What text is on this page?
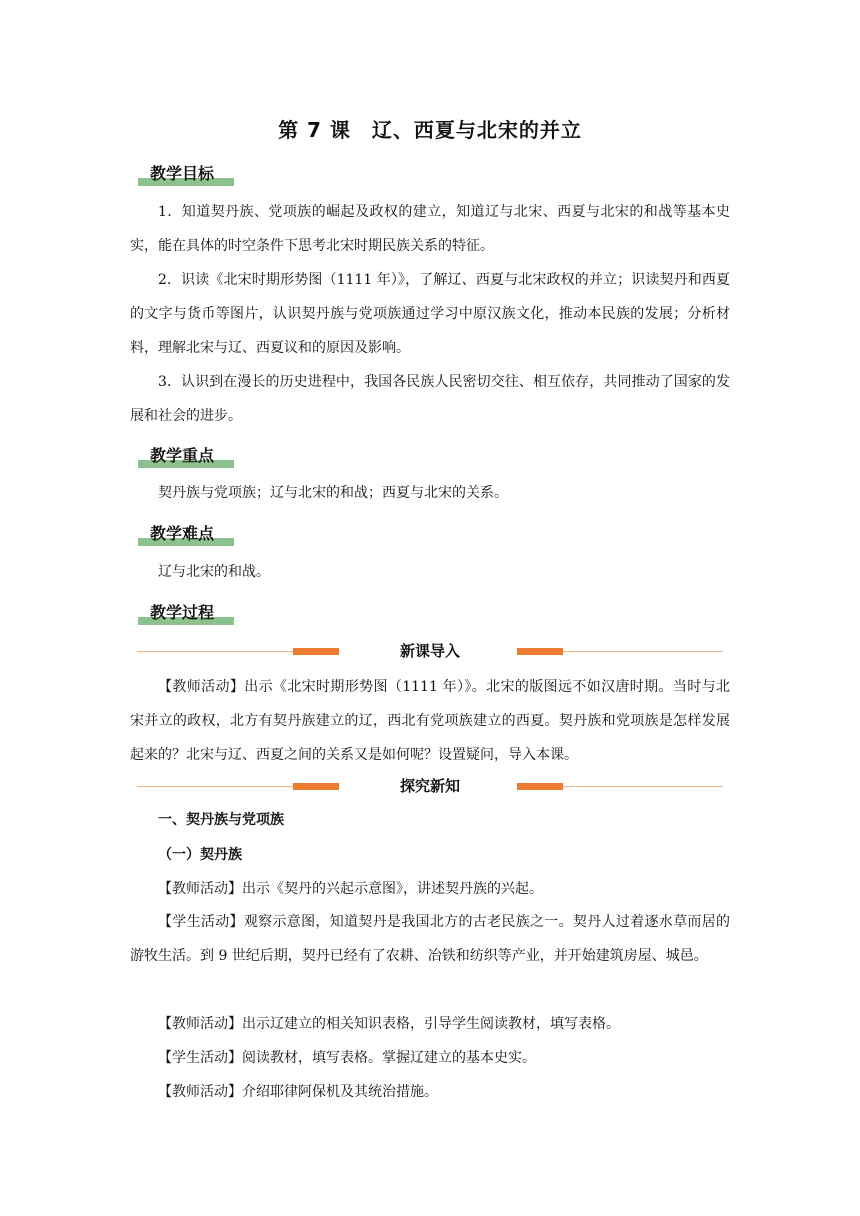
第 7 课　辽、西夏与北宋的并立
教学目标

1．知道契丹族、党项族的崛起及政权的建立，知道辽与北宋、西夏与北宋的和战等基本史实，能在具体的时空条件下思考北宋时期民族关系的特征。

2．识读《北宋时期形势图（1111 年）》，了解辽、西夏与北宋政权的并立；识读契丹和西夏的文字与货币等图片，认识契丹族与党项族通过学习中原汉族文化，推动本民族的发展；分析材料，理解北宋与辽、西夏议和的原因及影响。

3．认识到在漫长的历史进程中，我国各民族人民密切交往、相互依存，共同推动了国家的发展和社会的进步。

教学重点

契丹族与党项族；辽与北宋的和战；西夏与北宋的关系。

教学难点

辽与北宋的和战。

教学过程
新课导入

【教师活动】出示《北宋时期形势图（1111 年）》。北宋的版图远不如汉唐时期。当时与北宋并立的政权，北方有契丹族建立的辽，西北有党项族建立的西夏。契丹族和党项族是怎样发展起来的？北宋与辽、西夏之间的关系又是如何呢？设置疑问，导入本课。

探究新知

一、契丹族与党项族

（一）契丹族

【教师活动】出示《契丹的兴起示意图》，讲述契丹族的兴起。

【学生活动】观察示意图，知道契丹是我国北方的古老民族之一。契丹人过着逐水草而居的游牧生活。到 9 世纪后期，契丹已经有了农耕、冶铁和纺织等产业，并开始建筑房屋、城邑。

【教师活动】出示辽建立的相关知识表格，引导学生阅读教材，填写表格。

【学生活动】阅读教材，填写表格。掌握辽建立的基本史实。

【教师活动】介绍耶律阿保机及其统治措施。
